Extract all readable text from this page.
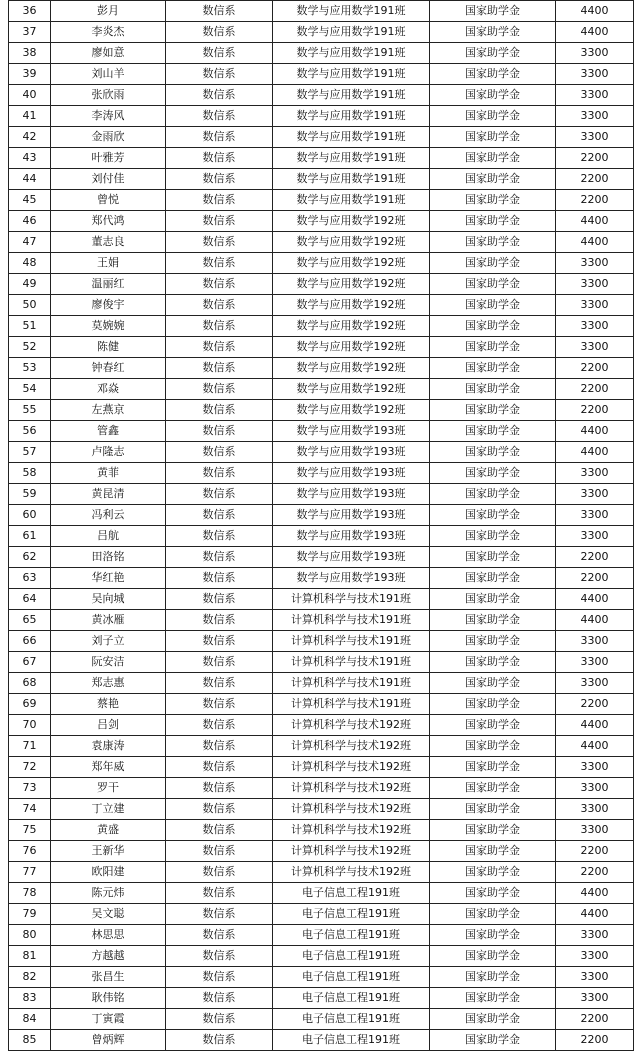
36	彭月	数信系	数学与应用数学191班	国家助学金	4400
37	李炎杰	数信系	数学与应用数学191班	国家助学金	4400
38	廖如意	数信系	数学与应用数学191班	国家助学金	3300
39	刘山羊	数信系	数学与应用数学191班	国家助学金	3300
40	张欣雨	数信系	数学与应用数学191班	国家助学金	3300
41	李涛风	数信系	数学与应用数学191班	国家助学金	3300
42	金雨欣	数信系	数学与应用数学191班	国家助学金	3300
43	叶雅芳	数信系	数学与应用数学191班	国家助学金	2200
44	刘付佳	数信系	数学与应用数学191班	国家助学金	2200
45	曾悦	数信系	数学与应用数学191班	国家助学金	2200
46	郑代鸿	数信系	数学与应用数学192班	国家助学金	4400
47	董志良	数信系	数学与应用数学192班	国家助学金	4400
48	王娟	数信系	数学与应用数学192班	国家助学金	3300
49	温丽红	数信系	数学与应用数学192班	国家助学金	3300
50	廖俊宇	数信系	数学与应用数学192班	国家助学金	3300
51	莫婉婉	数信系	数学与应用数学192班	国家助学金	3300
52	陈健	数信系	数学与应用数学192班	国家助学金	3300
53	钟春红	数信系	数学与应用数学192班	国家助学金	2200
54	邓焱	数信系	数学与应用数学192班	国家助学金	2200
55	左燕京	数信系	数学与应用数学192班	国家助学金	2200
56	管鑫	数信系	数学与应用数学193班	国家助学金	4400
57	卢隆志	数信系	数学与应用数学193班	国家助学金	4400
58	黄菲	数信系	数学与应用数学193班	国家助学金	3300
59	黄昆清	数信系	数学与应用数学193班	国家助学金	3300
60	冯利云	数信系	数学与应用数学193班	国家助学金	3300
61	吕航	数信系	数学与应用数学193班	国家助学金	3300
62	田洛铭	数信系	数学与应用数学193班	国家助学金	2200
63	华红艳	数信系	数学与应用数学193班	国家助学金	2200
64	吴向城	数信系	计算机科学与技术191班	国家助学金	4400
65	黄冰雁	数信系	计算机科学与技术191班	国家助学金	4400
66	刘子立	数信系	计算机科学与技术191班	国家助学金	3300
67	阮安洁	数信系	计算机科学与技术191班	国家助学金	3300
68	郑志惠	数信系	计算机科学与技术191班	国家助学金	3300
69	蔡艳	数信系	计算机科学与技术191班	国家助学金	2200
70	吕剑	数信系	计算机科学与技术192班	国家助学金	4400
71	袁康涛	数信系	计算机科学与技术192班	国家助学金	4400
72	郑年威	数信系	计算机科学与技术192班	国家助学金	3300
73	罗干	数信系	计算机科学与技术192班	国家助学金	3300
74	丁立建	数信系	计算机科学与技术192班	国家助学金	3300
75	黄盛	数信系	计算机科学与技术192班	国家助学金	3300
76	王新华	数信系	计算机科学与技术192班	国家助学金	2200
77	欧阳建	数信系	计算机科学与技术192班	国家助学金	2200
78	陈元炜	数信系	电子信息工程191班	国家助学金	4400
79	吴文聪	数信系	电子信息工程191班	国家助学金	4400
80	林思思	数信系	电子信息工程191班	国家助学金	3300
81	方越越	数信系	电子信息工程191班	国家助学金	3300
82	张昌生	数信系	电子信息工程191班	国家助学金	3300
83	耿伟铭	数信系	电子信息工程191班	国家助学金	3300
84	丁寅霞	数信系	电子信息工程191班	国家助学金	2200
85	曾炳辉	数信系	电子信息工程191班	国家助学金	2200
